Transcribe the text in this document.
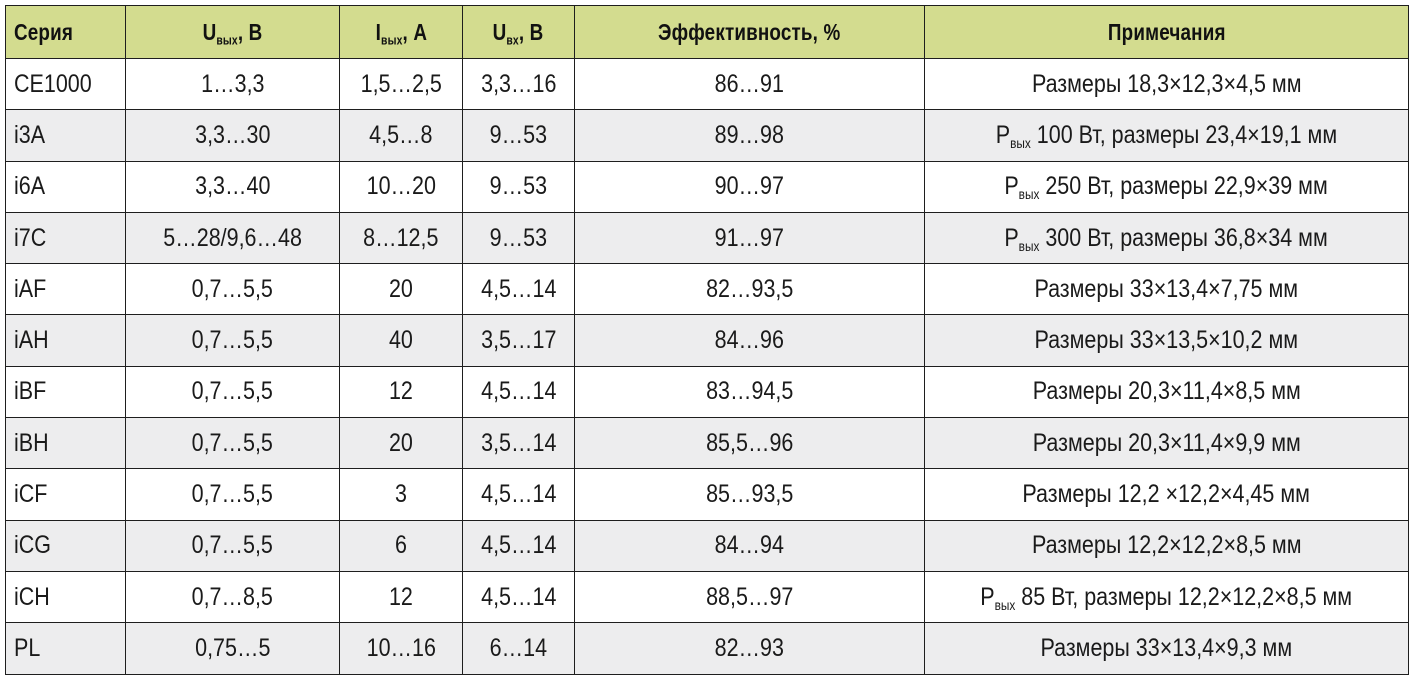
Серия	$U_{вых}$, В	$I_{вых}$, А	$U_{вх}$, В	Эффективность, %	Примечания
CE1000	1…3,3	1,5…2,5	3,3…16	86…91	Размеры 18,3×12,3×4,5 мм
i3A	3,3…30	4,5…8	9…53	89…98	$P_{вых}$ 100 Вт, размеры 23,4×19,1 мм
i6A	3,3…40	10…20	9…53	90…97	$P_{вых}$ 250 Вт, размеры 22,9×39 мм
i7C	5…28/9,6…48	8…12,5	9…53	91…97	$P_{вых}$ 300 Вт, размеры 36,8×34 мм
iAF	0,7…5,5	20	4,5…14	82…93,5	Размеры 33×13,4×7,75 мм
iAH	0,7…5,5	40	3,5…17	84…96	Размеры 33×13,5×10,2 мм
iBF	0,7…5,5	12	4,5…14	83…94,5	Размеры 20,3×11,4×8,5 мм
iBH	0,7…5,5	20	3,5…14	85,5…96	Размеры 20,3×11,4×9,9 мм
iCF	0,7…5,5	3	4,5…14	85…93,5	Размеры 12,2 ×12,2×4,45 мм
iCG	0,7…5,5	6	4,5…14	84…94	Размеры 12,2×12,2×8,5 мм
iCH	0,7…8,5	12	4,5…14	88,5…97	$P_{вых}$ 85 Вт, размеры 12,2×12,2×8,5 мм
PL	0,75…5	10…16	6…14	82…93	Размеры 33×13,4×9,3 мм
